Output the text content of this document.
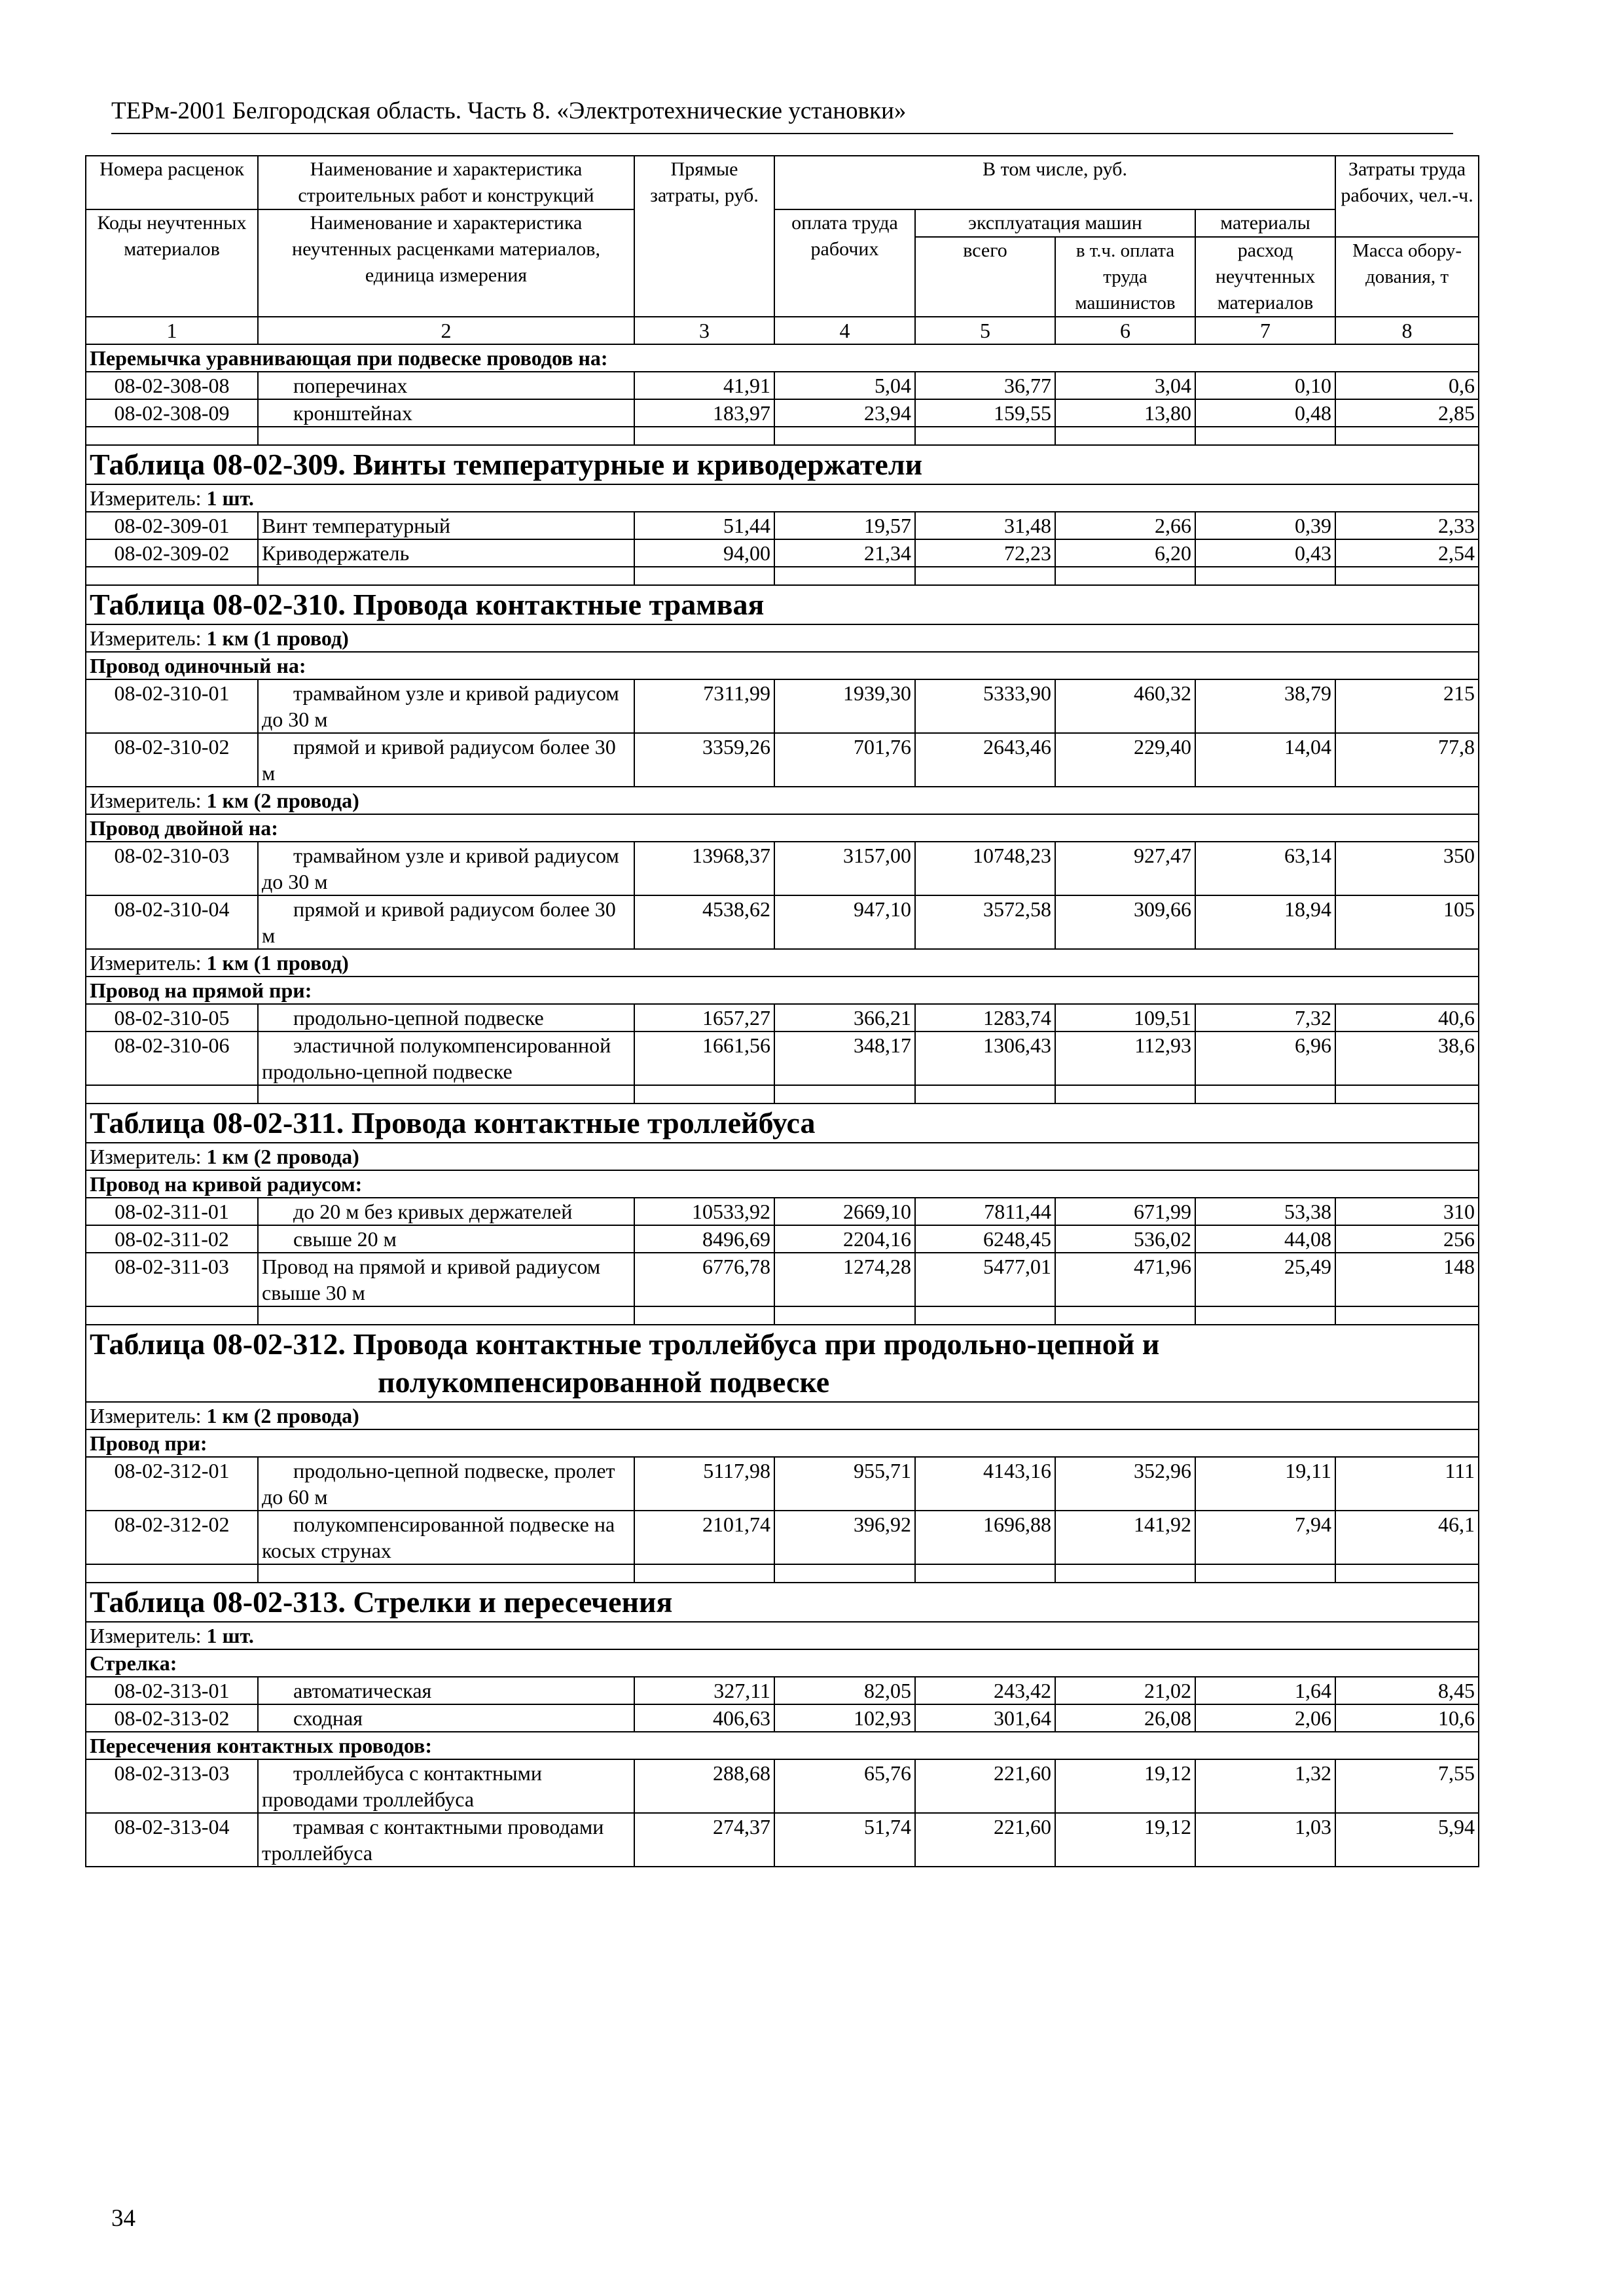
ТЕРм-2001 Белгородская область. Часть 8. «Электротехнические установки»
Номера расценок	Наименование и характеристика строительных работ и конструкций	Прямые затраты, руб.	В том числе, руб.				Затраты труда рабочих, чел.-ч.
Коды неучтенных материалов	Наименование и характеристика неучтенных расценками материалов, единица измерения		оплата труда рабочих	эксплуатация машин		материалы	
				всего	в т.ч. оплата труда машинистов	расход неучтенных материалов	Масса обору- дования, т
1	2	3	4	5	6	7	8
Перемычка уравнивающая при подвеске проводов на:							
08-02-308-08	поперечинах	41,91	5,04	36,77	3,04	0,10	0,6
08-02-308-09	кронштейнах	183,97	23,94	159,55	13,80	0,48	2,85

Таблица 08-02-309. Винты температурные и криводержатели							

Измеритель: 1 шт.							
08-02-309-01	Винт температурный	51,44	19,57	31,48	2,66	0,39	2,33
08-02-309-02	Криводержатель	94,00	21,34	72,23	6,20	0,43	2,54

Таблица 08-02-310. Провода контактные трамвая							

Измеритель: 1 км (1 провод)							
Провод одиночный на:							
08-02-310-01	трамвайном узле и кривой радиусом до 30 м	7311,99	1939,30	5333,90	460,32	38,79	215
08-02-310-02	прямой и кривой радиусом более 30 м	3359,26	701,76	2643,46	229,40	14,04	77,8
Измеритель: 1 км (2 провода)							
Провод двойной на:							
08-02-310-03	трамвайном узле и кривой радиусом до 30 м	13968,37	3157,00	10748,23	927,47	63,14	350
08-02-310-04	прямой и кривой радиусом более 30 м	4538,62	947,10	3572,58	309,66	18,94	105
Измеритель: 1 км (1 провод)							
Провод на прямой при:							
08-02-310-05	продольно-цепной подвеске	1657,27	366,21	1283,74	109,51	7,32	40,6
08-02-310-06	эластичной полукомпенсированной продольно-цепной подвеске	1661,56	348,17	1306,43	112,93	6,96	38,6

Таблица 08-02-311. Провода контактные троллейбуса							

Измеритель: 1 км (2 провода)							
Провод на кривой радиусом:							
08-02-311-01	до 20 м без кривых держателей	10533,92	2669,10	7811,44	671,99	53,38	310
08-02-311-02	свыше 20 м	8496,69	2204,16	6248,45	536,02	44,08	256
08-02-311-03	Провод на прямой и кривой радиусом свыше 30 м	6776,78	1274,28	5477,01	471,96	25,49	148

Таблица 08-02-312. Провода контактные троллейбуса при продольно-цепной и
полукомпенсированной подвеске							

Измеритель: 1 км (2 провода)							
Провод при:							
08-02-312-01	продольно-цепной подвеске, пролет до 60 м	5117,98	955,71	4143,16	352,96	19,11	111
08-02-312-02	полукомпенсированной подвеске на косых струнах	2101,74	396,92	1696,88	141,92	7,94	46,1

Таблица 08-02-313. Стрелки и пересечения							

Измеритель: 1 шт.							
Стрелка:							
08-02-313-01	автоматическая	327,11	82,05	243,42	21,02	1,64	8,45
08-02-313-02	сходная	406,63	102,93	301,64	26,08	2,06	10,6
Пересечения контактных проводов:							
08-02-313-03	троллейбуса с контактными проводами троллейбуса	288,68	65,76	221,60	19,12	1,32	7,55
08-02-313-04	трамвая с контактными проводами троллейбуса	274,37	51,74	221,60	19,12	1,03	5,94
34
